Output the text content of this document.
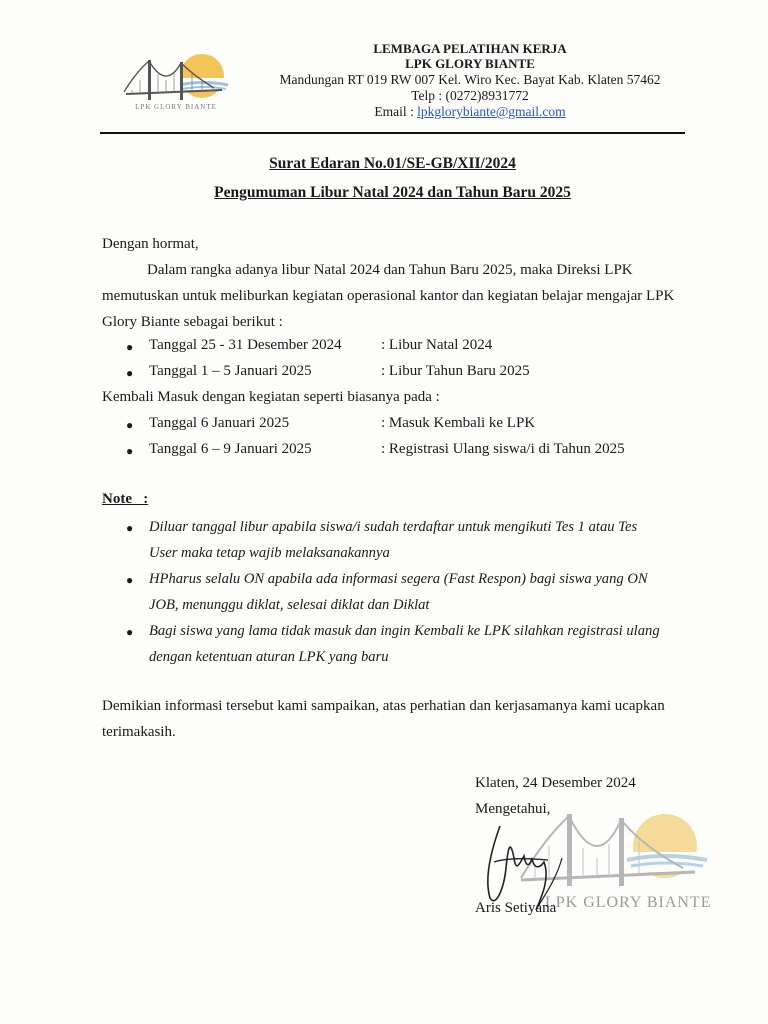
LPK GLORY BIANTE
LEMBAGA PELATIHAN KERJA
LPK GLORY BIANTE
Mandungan RT 019 RW 007 Kel. Wiro Kec. Bayat Kab. Klaten 57462
Telp : (0272)8931772
Email : lpkglorybiante@gmail.com
Surat Edaran No.01/SE-GB/XII/2024
Pengumuman Libur Natal 2024 dan Tahun Baru 2025
Dengan hormat,
Dalam rangka adanya libur Natal 2024 dan Tahun Baru 2025, maka Direksi LPK
memutuskan untuk meliburkan kegiatan operasional kantor dan kegiatan belajar mengajar LPK
Glory Biante sebagai berikut :
● Tanggal 25 - 31 Desember 2024	: Libur Natal 2024
● Tanggal 1 – 5 Januari 2025	: Libur Tahun Baru 2025
Kembali Masuk dengan kegiatan seperti biasanya pada :
● Tanggal 6 Januari 2025	: Masuk Kembali ke LPK
● Tanggal 6 – 9 Januari 2025	: Registrasi Ulang siswa/i di Tahun 2025
Note   :
● Diluar tanggal libur apabila siswa/i sudah terdaftar untuk mengikuti Tes 1 atau Tes
User maka tetap wajib melaksanakannya
● HPharus selalu ON apabila ada informasi segera (Fast Respon) bagi siswa yang ON
JOB, menunggu diklat, selesai diklat dan Diklat
● Bagi siswa yang lama tidak masuk dan ingin Kembali ke LPK silahkan registrasi ulang
dengan ketentuan aturan LPK yang baru
Demikian informasi tersebut kami sampaikan, atas perhatian dan kerjasamanya kami ucapkan
terimakasih.
Klaten, 24 Desember 2024
Mengetahui,
LPK GLORY BIANTE
Aris Setiyana
